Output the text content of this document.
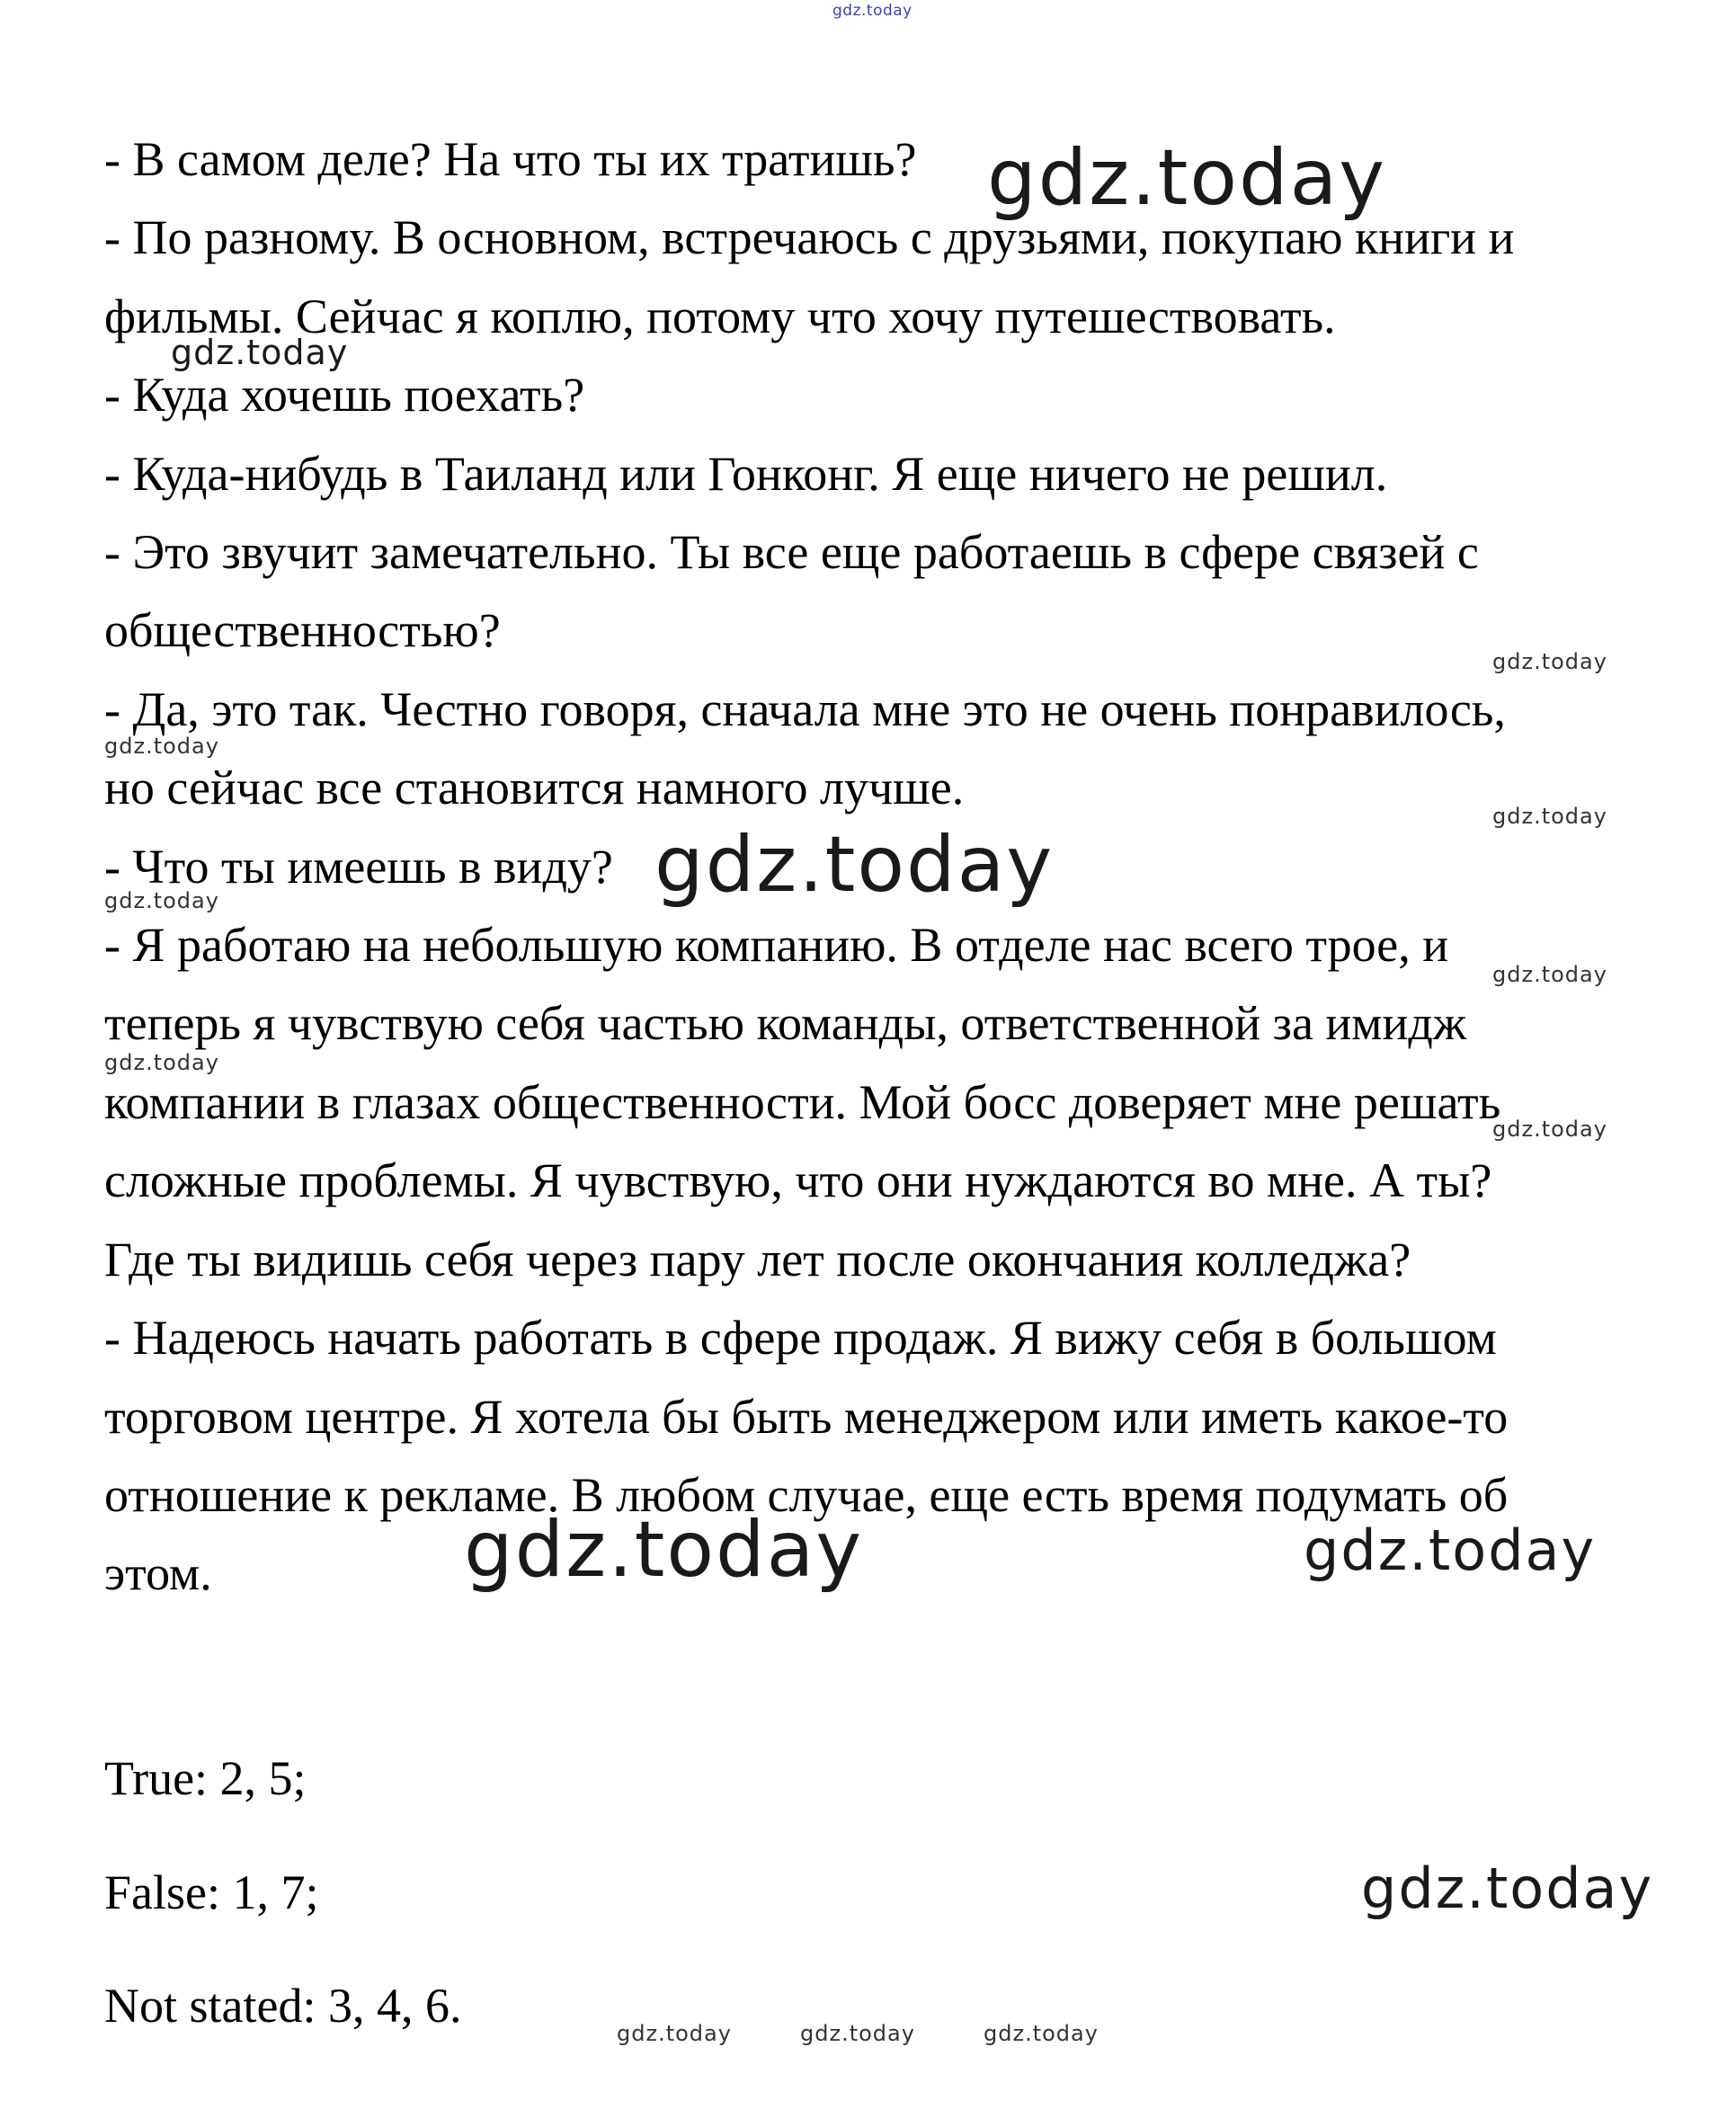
gdz.today

- В самом деле? На что ты их тратишь?

- По разному. В основном, встречаюсь с друзьями, покупаю книги и

фильмы. Сейчас я коплю, потому что хочу путешествовать.

- Куда хочешь поехать?

- Куда-нибудь в Таиланд или Гонконг. Я еще ничего не решил.

- Это звучит замечательно. Ты все еще работаешь в сфере связей с

общественностью?

- Да, это так. Честно говоря, сначала мне это не очень понравилось,

но сейчас все становится намного лучше.

- Что ты имеешь в виду?

- Я работаю на небольшую компанию. В отделе нас всего трое, и

теперь я чувствую себя частью команды, ответственной за имидж

компании в глазах общественности. Мой босс доверяет мне решать

сложные проблемы. Я чувствую, что они нуждаются во мне. А ты?

Где ты видишь себя через пару лет после окончания колледжа?

- Надеюсь начать работать в сфере продаж. Я вижу себя в большом

торговом центре. Я хотела бы быть менеджером или иметь какое-то

отношение к рекламе. В любом случае, еще есть время подумать об

этом.

True: 2, 5;

False: 1, 7;

Not stated: 3, 4, 6.

gdz.today
gdz.today
gdz.today
gdz.today
gdz.today
gdz.today
gdz.today
gdz.today
gdz.today
gdz.today
gdz.today	gdz.today
gdz.today
gdz.today	gdz.today	gdz.today
